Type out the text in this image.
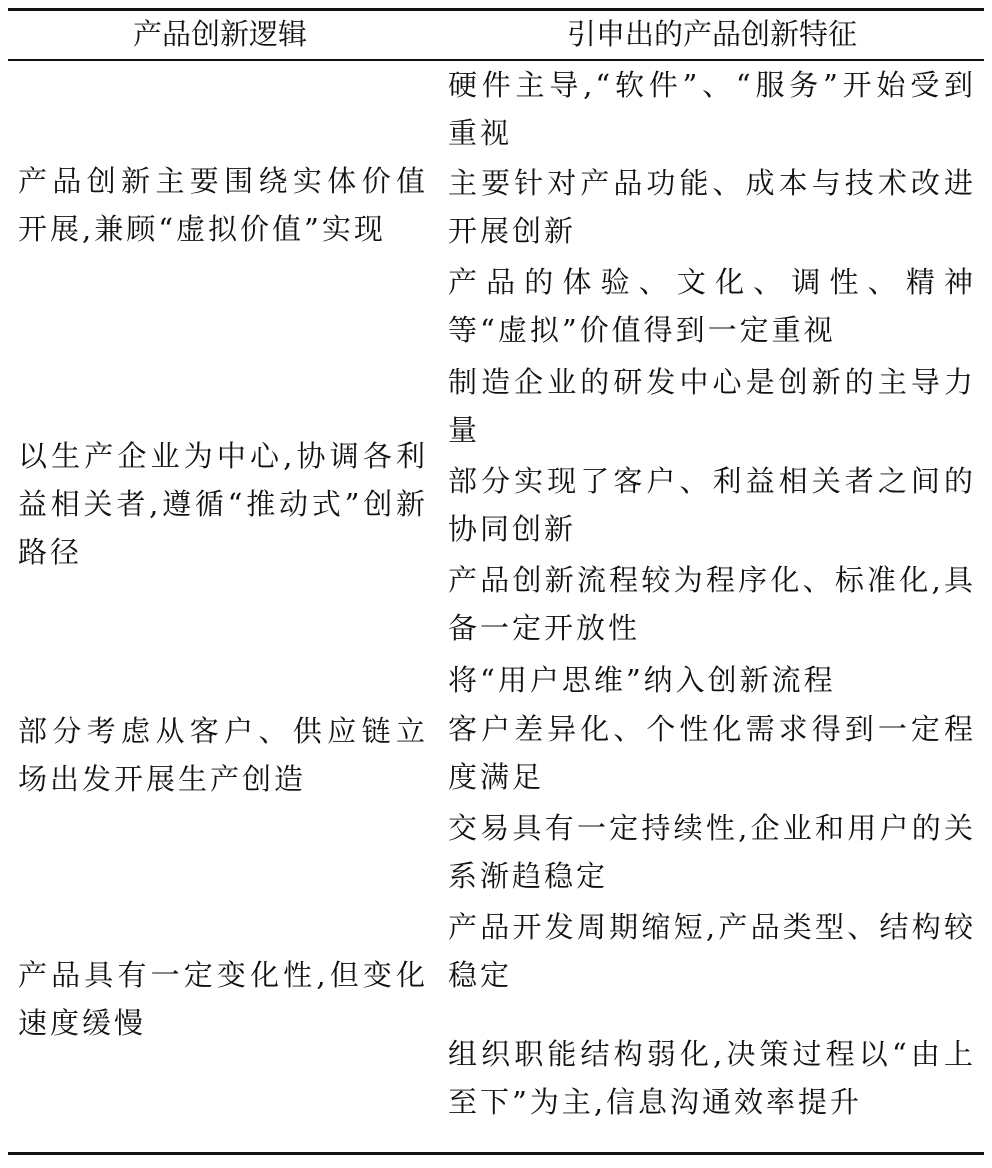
产品创新逻辑	引申出的产品创新特征
产品创新主要围绕实体价值开展,兼顾“虚拟价值”实现
硬件主导,“软件”、“服务”开始受到重视
主要针对产品功能、成本与技术改进开展创新
产品的体验、文化、调性、精神等“虚拟”价值得到一定重视
以生产企业为中心,协调各利益相关者,遵循“推动式”创新路径
制造企业的研发中心是创新的主导力量
部分实现了客户、利益相关者之间的协同创新
产品创新流程较为程序化、标准化,具备一定开放性
部分考虑从客户、供应链立场出发开展生产创造
将“用户思维”纳入创新流程
客户差异化、个性化需求得到一定程度满足
交易具有一定持续性,企业和用户的关系渐趋稳定
产品具有一定变化性,但变化速度缓慢
产品开发周期缩短,产品类型、结构较稳定
组织职能结构弱化,决策过程以“由上至下”为主,信息沟通效率提升
